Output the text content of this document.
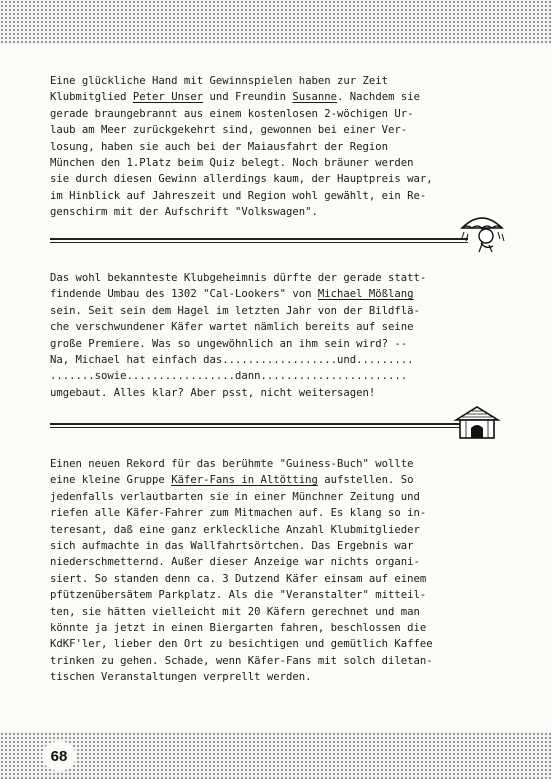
Eine glückliche Hand mit Gewinnspielen haben zur Zeit
Klubmitglied Peter Unser und Freundin Susanne. Nachdem sie
gerade braungebrannt aus einem kostenlosen 2-wöchigen Ur-
laub am Meer zurückgekehrt sind, gewonnen bei einer Ver-
losung, haben sie auch bei der Maiausfahrt der Region
München den 1.Platz beim Quiz belegt. Noch bräuner werden
sie durch diesen Gewinn allerdings kaum, der Hauptpreis war,
im Hinblick auf Jahreszeit und Region wohl gewählt, ein Re-
genschirm mit der Aufschrift "Volkswagen".

Das wohl bekannteste Klubgeheimnis dürfte der gerade statt-
findende Umbau des 1302 "Cal-Lookers" von Michael Mößlang
sein. Seit sein dem Hagel im letzten Jahr von der Bildflä-
che verschwundener Käfer wartet nämlich bereits auf seine
große Premiere. Was so ungewöhnlich an ihm sein wird? --
Na, Michael hat einfach das..................und.........
.......sowie.................dann.......................
umgebaut. Alles klar? Aber psst, nicht weitersagen!

Einen neuen Rekord für das berühmte "Guiness-Buch" wollte
eine kleine Gruppe Käfer-Fans in Altötting aufstellen. So
jedenfalls verlautbarten sie in einer Münchner Zeitung und
riefen alle Käfer-Fahrer zum Mitmachen auf. Es klang so in-
teresant, daß eine ganz erkleckliche Anzahl Klubmitglieder
sich aufmachte in das Wallfahrtsörtchen. Das Ergebnis war
niederschmetternd. Außer dieser Anzeige war nichts organi-
siert. So standen denn ca. 3 Dutzend Käfer einsam auf einem
pfützenübersätem Parkplatz. Als die "Veranstalter" mitteil-
ten, sie hätten vielleicht mit 20 Käfern gerechnet und man
könnte ja jetzt in einen Biergarten fahren, beschlossen die
KdKF'ler, lieber den Ort zu besichtigen und gemütlich Kaffee
trinken zu gehen. Schade, wenn Käfer-Fans mit solch diletan-
tischen Veranstaltungen verprellt werden.

68
